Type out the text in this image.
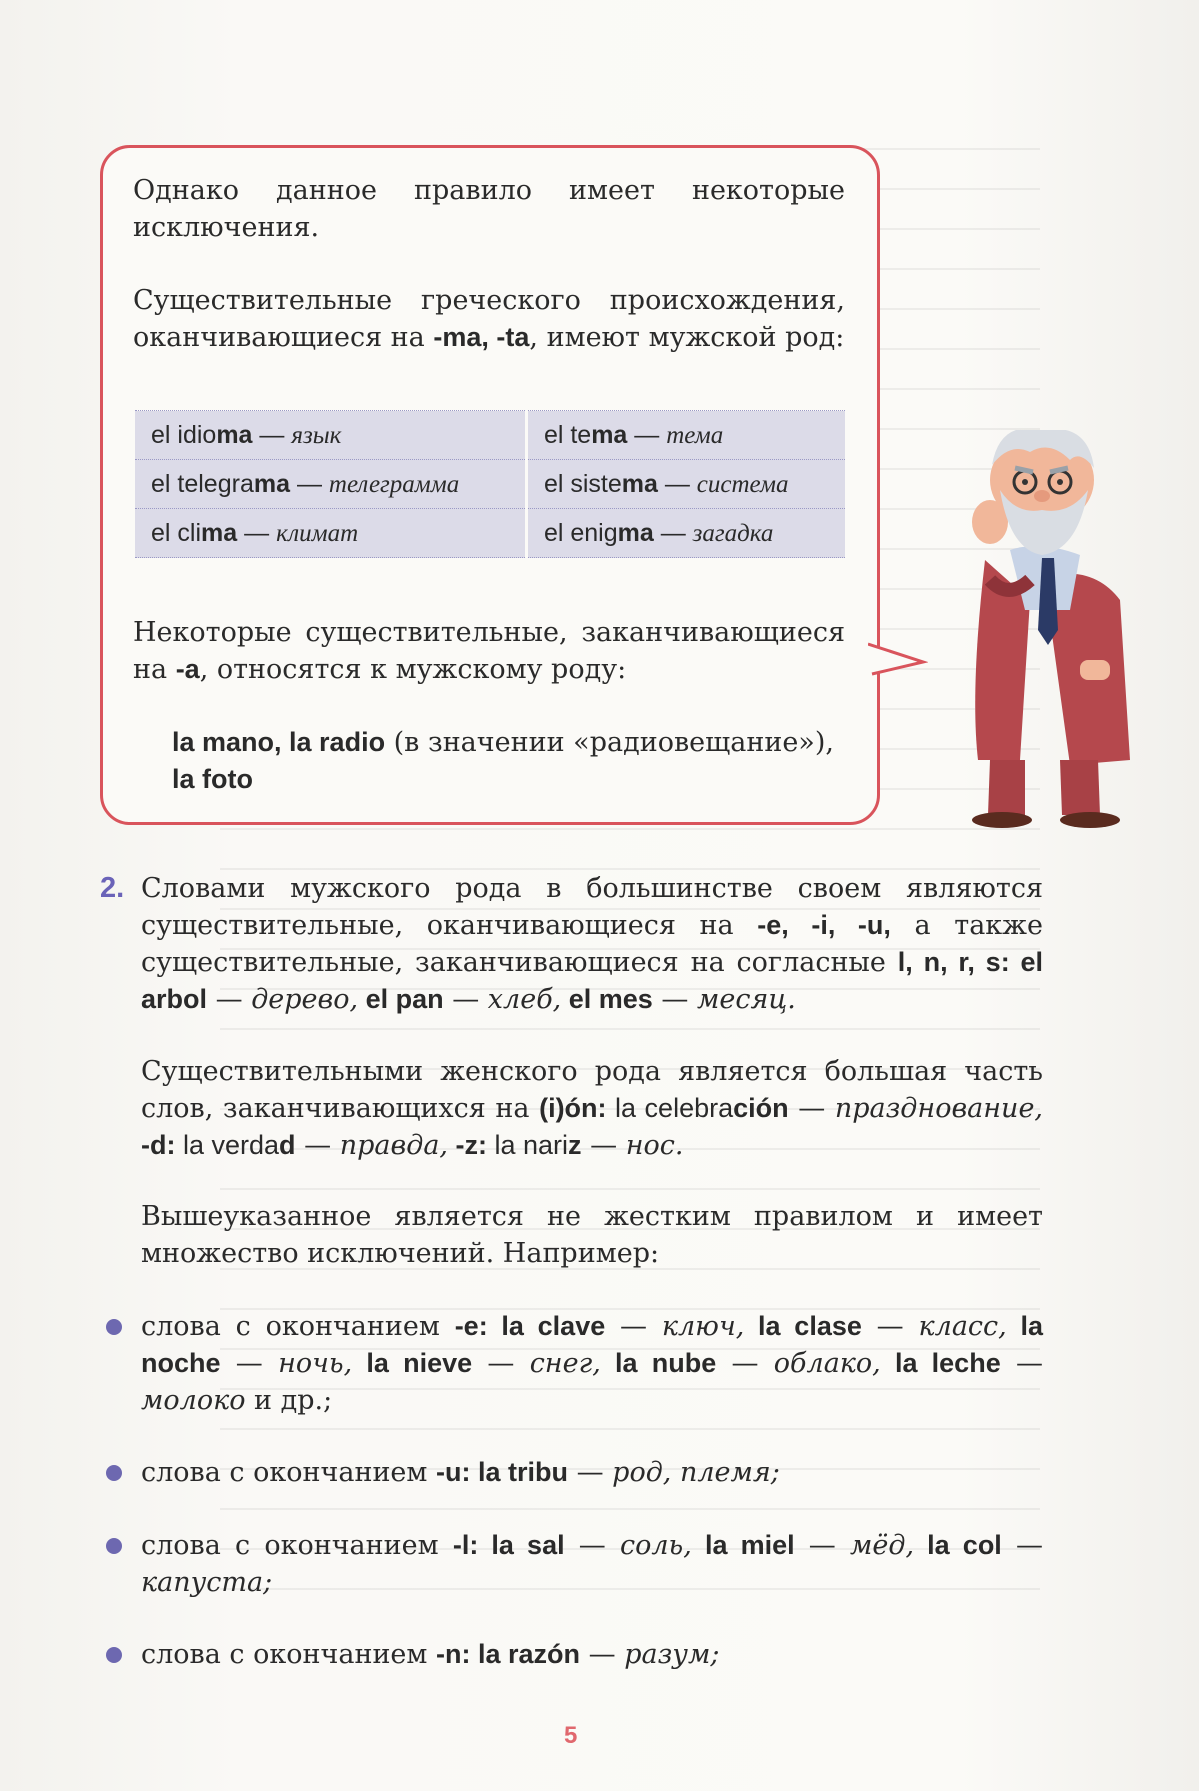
Однако данное правило имеет некоторые исключения.

Существительные греческого происхождения, оканчивающиеся на -ma, -ta, имеют мужской род:

el idioma — язык	el tema — тема
el telegrama — телеграмма	el sistema — система
el clima — климат	el enigma — загадка

Некоторые существительные, заканчивающиеся на -a, относятся к мужскому роду:

la mano, la radio (в значении «радиовещание»),
la foto

2. Словами мужского рода в большинстве своем являются существительные, оканчивающиеся на -e, -i, -u, а также существительные, заканчивающиеся на согласные l, n, r, s: el arbol — дерево, el pan — хлеб, el mes — месяц.

Существительными женского рода является большая часть слов, заканчивающихся на (i)ón: la celebración — празднование, -d: la verdad — правда, -z: la nariz — нос.

Вышеуказанное является не жестким правилом и имеет множество исключений. Например:

слова с окончанием -e: la clave — ключ, la clase — класс, la noche — ночь, la nieve — снег, la nube — облако, la leche — молоко и др.;

слова с окончанием -u: la tribu — род, племя;

слова с окончанием -l: la sal — соль, la miel — мёд, la col — капуста;

слова с окончанием -n: la razón — разум;

5
